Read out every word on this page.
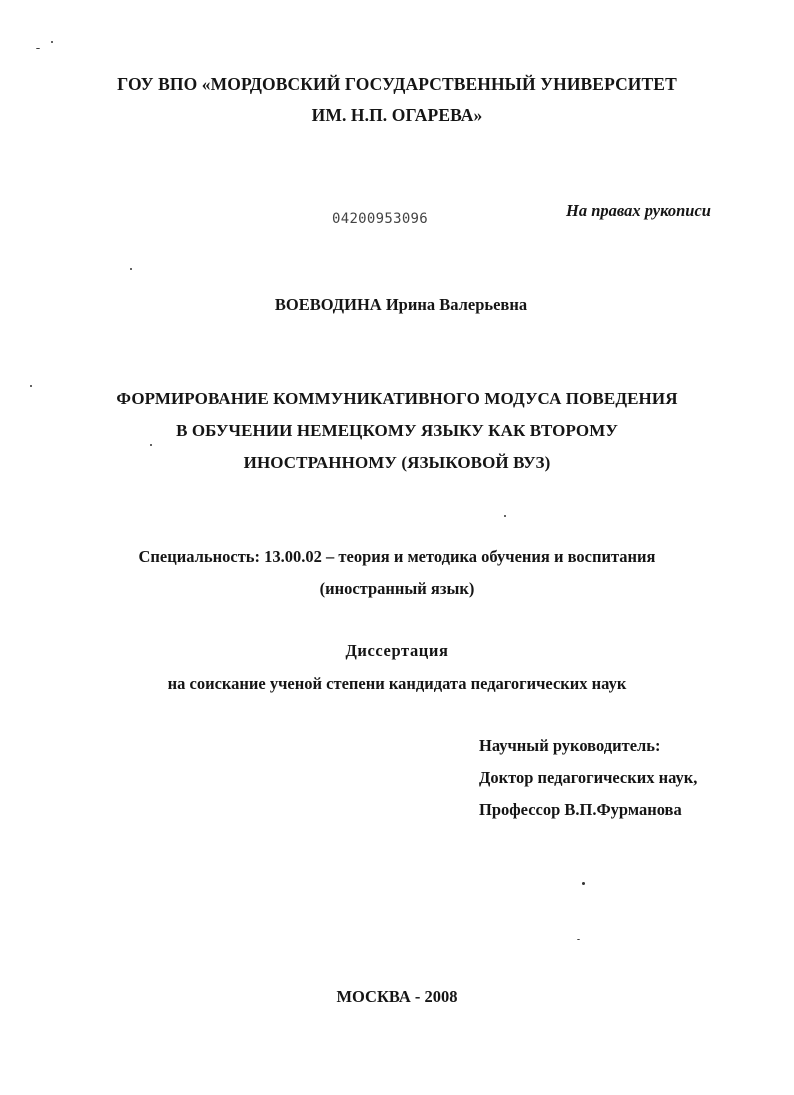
ГОУ ВПО «МОРДОВСКИЙ ГОСУДАРСТВЕННЫЙ УНИВЕРСИТЕТ
ИМ. Н.П. ОГАРЕВА»
04200953096	На правах рукописи
ВОЕВОДИНА Ирина Валерьевна
ФОРМИРОВАНИЕ КОММУНИКАТИВНОГО МОДУСА ПОВЕДЕНИЯ
В ОБУЧЕНИИ НЕМЕЦКОМУ ЯЗЫКУ КАК ВТОРОМУ
ИНОСТРАННОМУ (ЯЗЫКОВОЙ ВУЗ)
Специальность: 13.00.02 – теория и методика обучения и воспитания
(иностранный язык)
Диссертация
на соискание ученой степени кандидата педагогических наук
Научный руководитель:
Доктор педагогических наук,
Профессор В.П.Фурманова
МОСКВА - 2008
